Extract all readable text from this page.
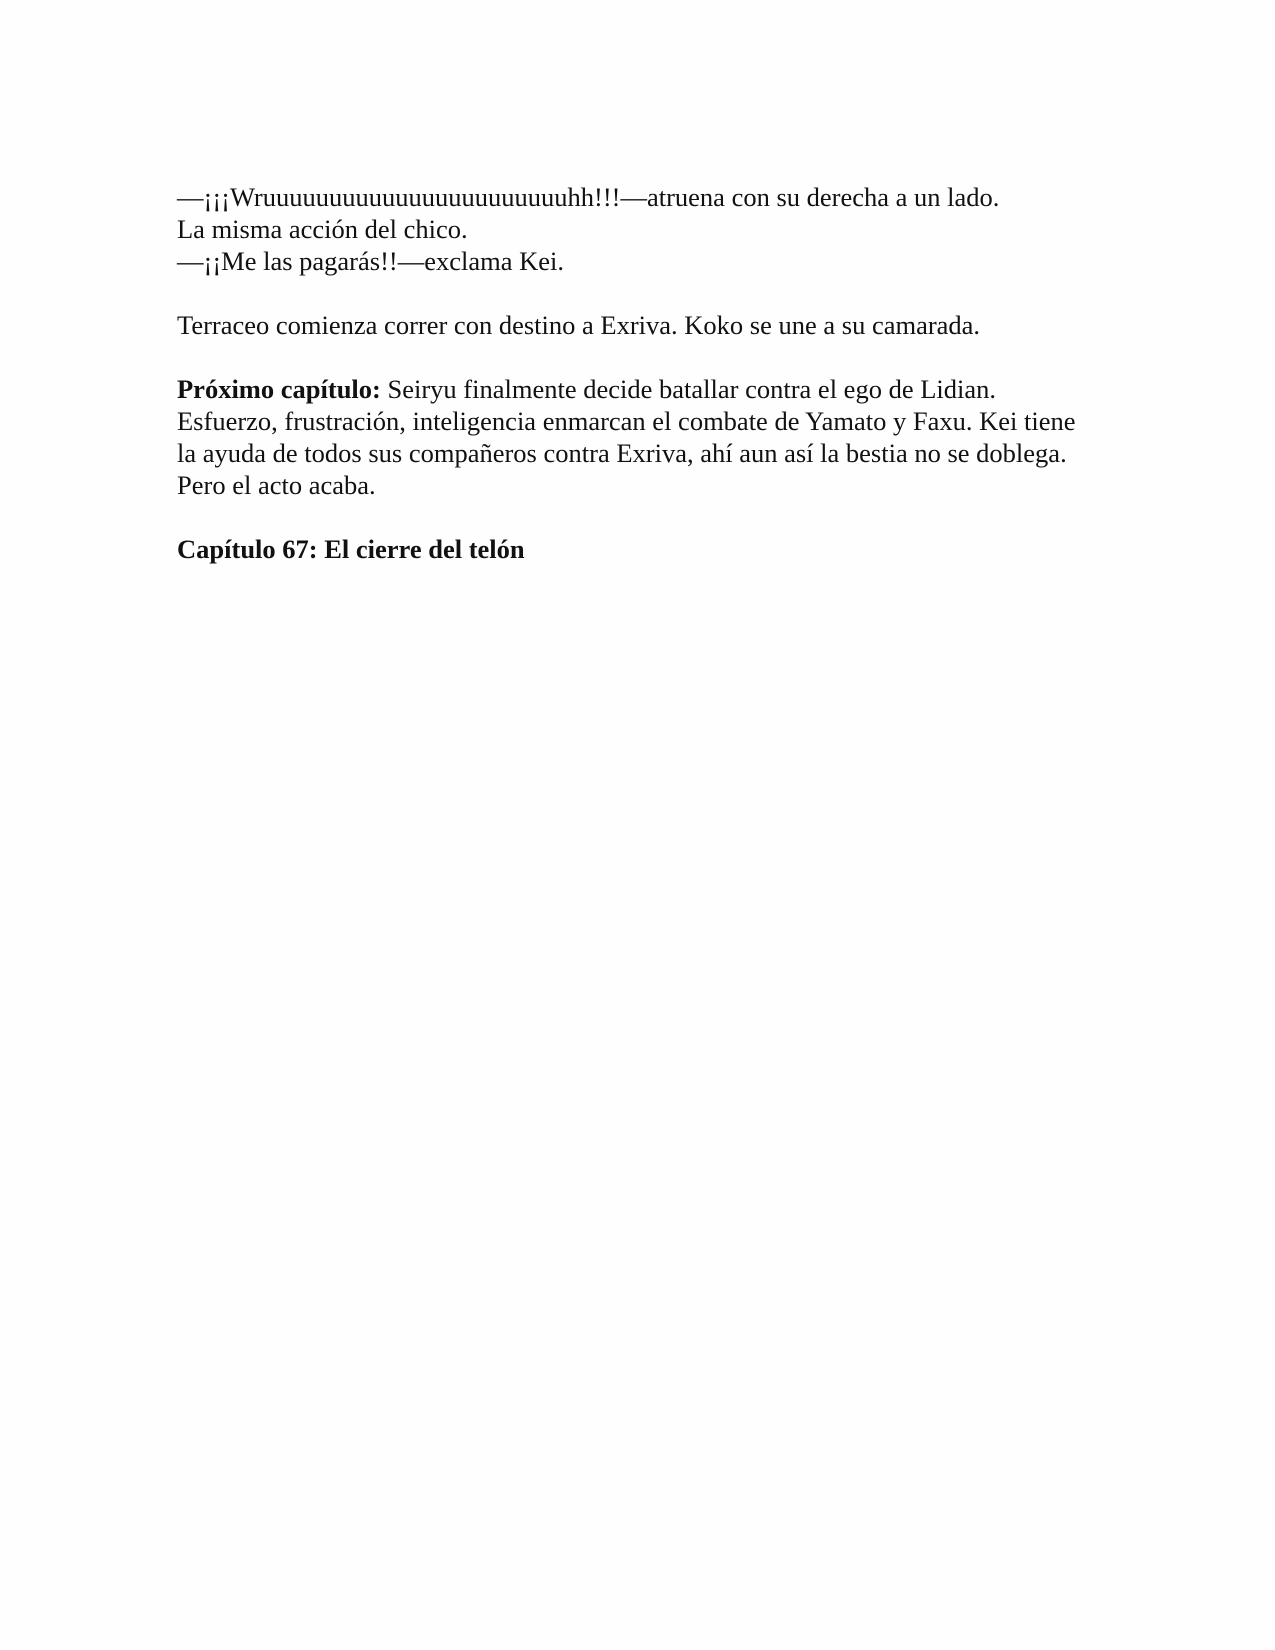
—¡¡¡Wruuuuuuuuuuuuuuuuuuuuuuuhh!!!—atruena con su derecha a un lado.

La misma acción del chico.

—¡¡Me las pagarás!!—exclama Kei.

Terraceo comienza correr con destino a Exriva. Koko se une a su camarada.

Próximo capítulo: Seiryu finalmente decide batallar contra el ego de Lidian. Esfuerzo, frustración, inteligencia enmarcan el combate de Yamato y Faxu. Kei tiene la ayuda de todos sus compañeros contra Exriva, ahí aun así la bestia no se doblega. Pero el acto acaba.

Capítulo 67: El cierre del telón
